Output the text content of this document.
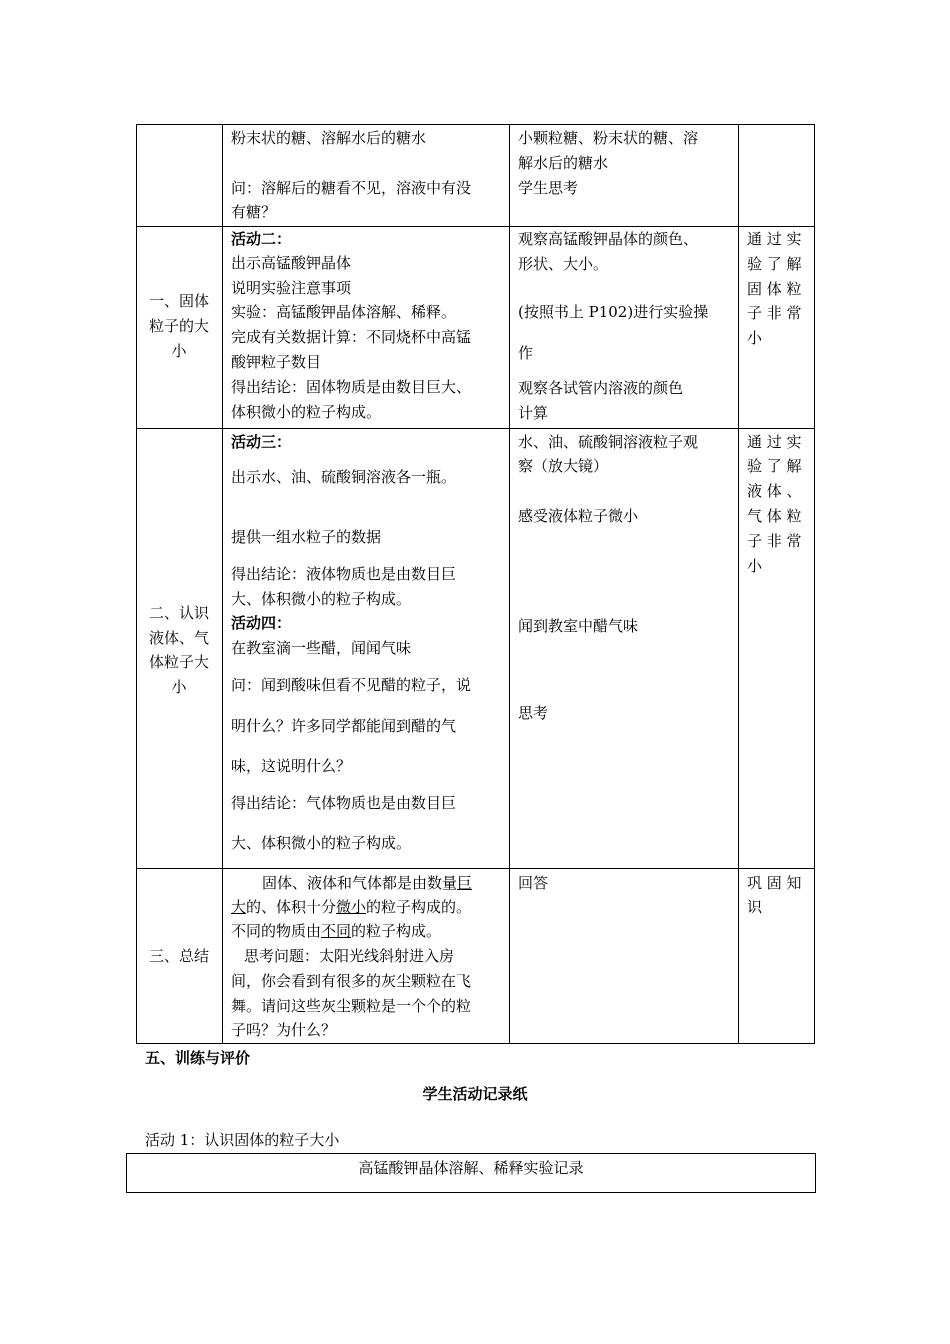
粉末状的糖、溶解水后的糖水
问：溶解后的糖看不见，溶液中有没
有糖？
小颗粒糖、粉末状的糖、溶
解水后的糖水
学生思考
一、固体
粒子的大
小
活动二：
出示高锰酸钾晶体
说明实验注意事项
实验：高锰酸钾晶体溶解、稀释。
完成有关数据计算：不同烧杯中高锰
酸钾粒子数目
得出结论：固体物质是由数目巨大、
体积微小的粒子构成。
观察高锰酸钾晶体的颜色、
形状、大小。
(按照书上 P102)进行实验操
作
观察各试管内溶液的颜色
计算
通 过 实
验 了 解
固 体 粒
子 非 常
小
二、认识
液体、气
体粒子大
小
活动三：
出示水、油、硫酸铜溶液各一瓶。
提供一组水粒子的数据
得出结论：液体物质也是由数目巨
大、体积微小的粒子构成。
活动四：
在教室滴一些醋，闻闻气味
问：闻到酸味但看不见醋的粒子，说
明什么？许多同学都能闻到醋的气
味，这说明什么？
得出结论：气体物质也是由数目巨
大、体积微小的粒子构成。
水、油、硫酸铜溶液粒子观
察（放大镜）
感受液体粒子微小
闻到教室中醋气味
思考
通 过 实
验 了 解
液 体 、
气 体 粒
子 非 常
小
三、总结
固体、液体和气体都是由数量巨
大的、体积十分微小的粒子构成的。
不同的物质由不同的粒子构成。
思考问题：太阳光线斜射进入房
间，你会看到有很多的灰尘颗粒在飞
舞。请问这些灰尘颗粒是一个个的粒
子吗？为什么？
回答	巩 固 知
识
五、训练与评价
学生活动记录纸
活动 1：认识固体的粒子大小
高锰酸钾晶体溶解、稀释实验记录
